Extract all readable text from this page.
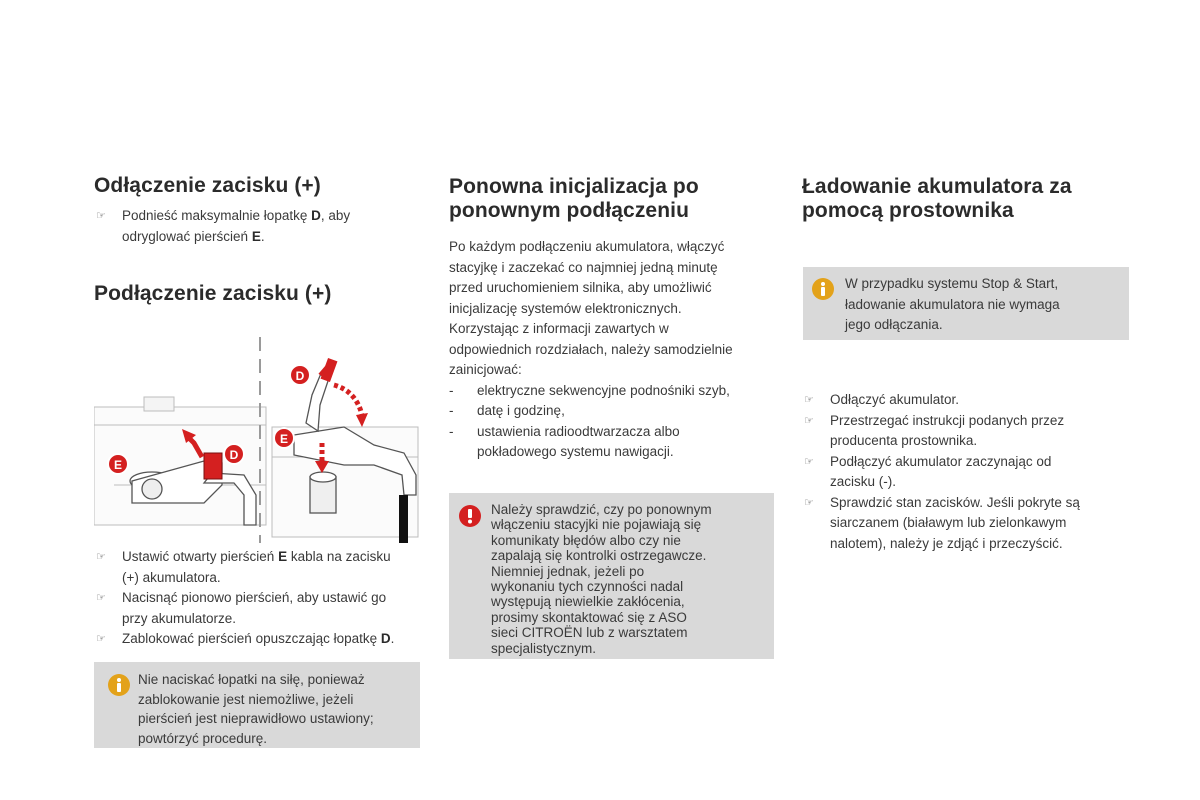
Odłączenie zacisku (+)
☞ Podnieść maksymalnie łopatkę D, aby
odryglować pierścień E.
Podłączenie zacisku (+)
E
D
D
E
☞ Ustawić otwarty pierścień E kabla na zacisku
(+) akumulatora.
☞ Nacisnąć pionowo pierścień, aby ustawić go
przy akumulatorze.
☞ Zablokować pierścień opuszczając łopatkę D.
Nie naciskać łopatki na siłę, ponieważ
zablokowanie jest niemożliwe, jeżeli
pierścień jest nieprawidłowo ustawiony;
powtórzyć procedurę.
Ponowna inicjalizacja po
ponownym podłączeniu

Po każdym podłączeniu akumulatora, włączyć
stacyjkę i zaczekać co najmniej jedną minutę
przed uruchomieniem silnika, aby umożliwić
inicjalizację systemów elektronicznych.
Korzystając z informacji zawartych w
odpowiednich rozdziałach, należy samodzielnie
zainicjować:

- elektryczne sekwencyjne podnośniki szyb,
- datę i godzinę,
- ustawienia radioodtwarzacza albo
pokładowego systemu nawigacji.
Należy sprawdzić, czy po ponownym
włączeniu stacyjki nie pojawiają się
komunikaty błędów albo czy nie
zapalają się kontrolki ostrzegawcze.
Niemniej jednak, jeżeli po
wykonaniu tych czynności nadal
występują niewielkie zakłócenia,
prosimy skontaktować się z ASO
sieci CITROËN lub z warsztatem
specjalistycznym.
Ładowanie akumulatora za
pomocą prostownika
W przypadku systemu Stop & Start,
ładowanie akumulatora nie wymaga
jego odłączania.
☞ Odłączyć akumulator.
☞ Przestrzegać instrukcji podanych przez
producenta prostownika.
☞ Podłączyć akumulator zaczynając od
zacisku (-).
☞ Sprawdzić stan zacisków. Jeśli pokryte są
siarczanem (białawym lub zielonkawym
nalotem), należy je zdjąć i przeczyścić.
